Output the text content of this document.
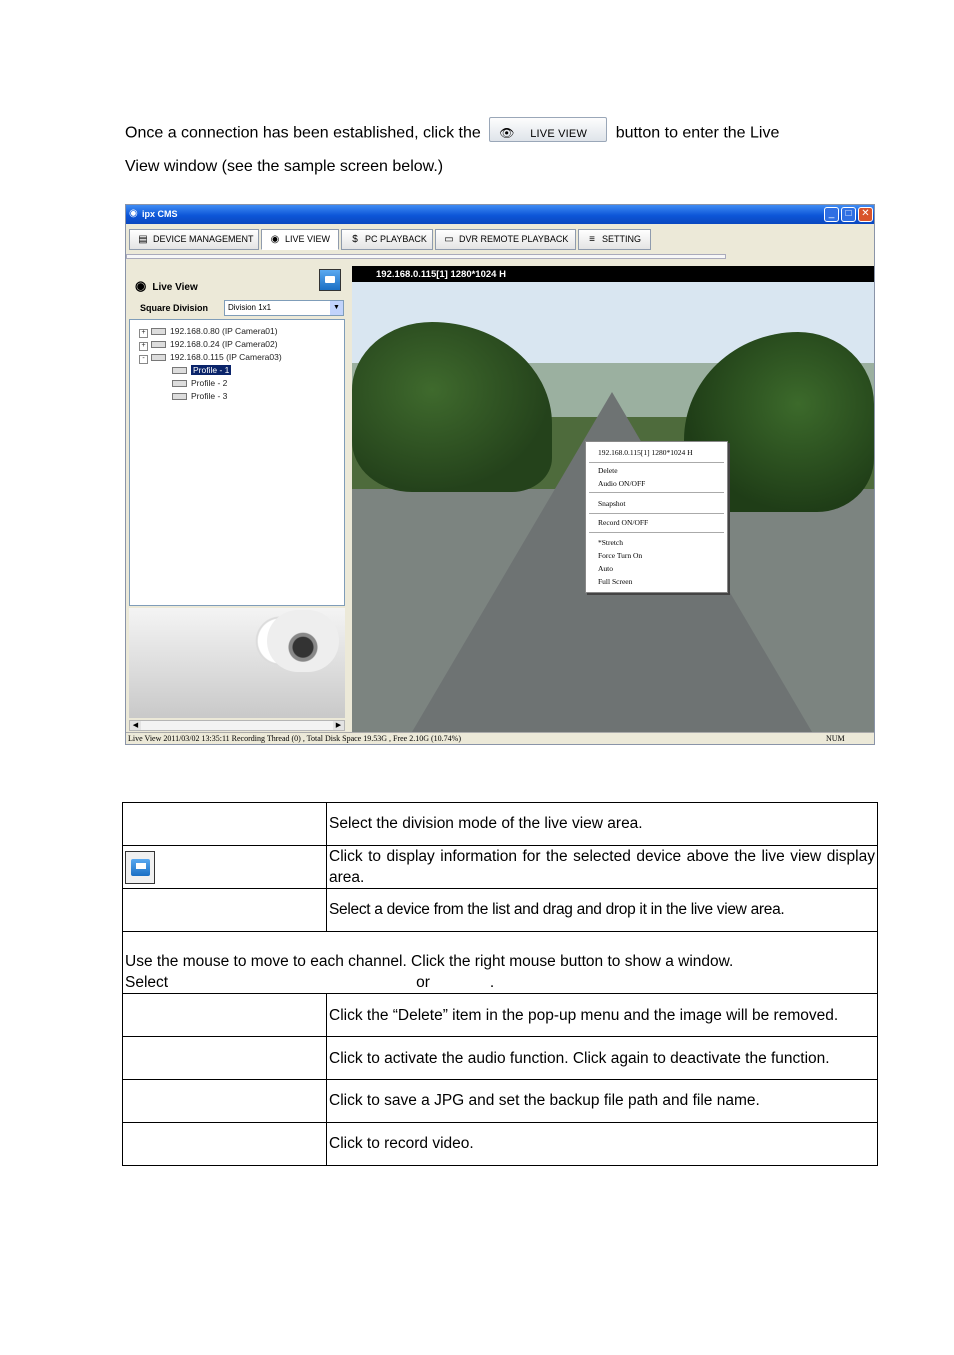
Once a connection has been established, click the 👁 LIVE VIEW button to enter the Live
View window (see the sample screen below.)
◉ ipx CMS	_	□ ✕
▤ DEVICE MANAGEMENT	◉ LIVE VIEW	$ PC PLAYBACK	▭ DVR REMOTE PLAYBACK	≡ SETTING
◉ Live View
Square Division	Division 1x1	▼
+	192.168.0.80 (IP Camera01)
+	192.168.0.24 (IP Camera02)
-	192.168.0.115 (IP Camera03)
Profile - 1
Profile - 2
Profile - 3
◀	▶
192.168.0.115[1] 1280*1024 H
192.168.0.115[1] 1280*1024 H
Delete
Audio ON/OFF
Snapshot
Record ON/OFF
*Stretch
Force Turn On
Auto
Full Screen
Live View 2011/03/02 13:35:11 Recording Thread (0) , Total Disk Space 19.53G , Free 2.10G (10.74%)	NUM
	Select the division mode of the live view area.
	Click to display information for the selected device above the live view display area.
	Select a device from the list and drag and drop it in the live view area.

Use the mouse to move to each channel. Click the right mouse button to show a window.
Select or .	

	Click the “Delete” item in the pop-up menu and the image will be removed.
	Click to activate the audio function. Click again to deactivate the function.
	Click to save a JPG and set the backup file path and file name.
	Click to record video.
